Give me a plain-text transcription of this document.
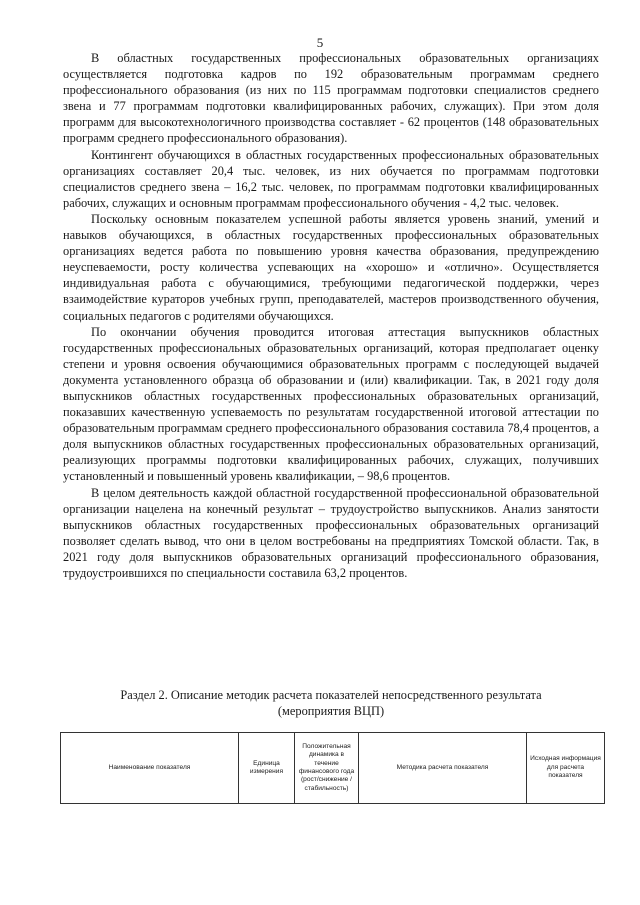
5

В областных государственных профессиональных образовательных организациях осуществляется подготовка кадров по 192 образовательным программам среднего профессионального образования (из них по 115 программам подготовки специалистов среднего звена и 77 программам подготовки квалифицированных рабочих, служащих). При этом доля программ для высокотехнологичного производства составляет - 62 процентов (148 образовательных программ среднего профессионального образования).

Контингент обучающихся в областных государственных профессиональных образовательных организациях составляет 20,4 тыс. человек, из них обучается по программам подготовки специалистов среднего звена – 16,2 тыс. человек, по программам подготовки квалифицированных рабочих, служащих и основным программам профессионального обучения - 4,2 тыс. человек.

Поскольку основным показателем успешной работы является уровень знаний, умений и навыков обучающихся, в областных государственных профессиональных образовательных организациях ведется работа по повышению уровня качества образования, предупреждению неуспеваемости, росту количества успевающих на «хорошо» и «отлично». Осуществляется индивидуальная работа с обучающимися, требующими педагогической поддержки, через взаимодействие кураторов учебных групп, преподавателей, мастеров производственного обучения, социальных педагогов с родителями обучающихся.

По окончании обучения проводится итоговая аттестация выпускников областных государственных профессиональных образовательных организаций, которая предполагает оценку степени и уровня освоения обучающимися образовательных программ с последующей выдачей документа установленного образца об образовании и (или) квалификации. Так, в 2021 году доля выпускников областных государственных профессиональных образовательных организаций, показавших качественную успеваемость по результатам государственной итоговой аттестации по образовательным программам среднего профессионального образования составила 78,4 процентов, а доля выпускников областных государственных профессиональных образовательных организаций, реализующих программы подготовки квалифицированных рабочих, служащих, получивших установленный и повышенный уровень квалификации, – 98,6 процентов.

В целом деятельность каждой областной государственной профессиональной образовательной организации нацелена на конечный результат – трудоустройство выпускников. Анализ занятости выпускников областных государственных профессиональных образовательных организаций позволяет сделать вывод, что они в целом востребованы на предприятиях Томской области. Так, в 2021 году доля выпускников образовательных организаций профессионального образования, трудоустроившихся по специальности составила 63,2 процентов.

Раздел 2. Описание методик расчета показателей непосредственного результата
(мероприятия ВЦП)
Наименование показателя	Единица измерения	Положительная динамика в течение финансового года (рост/снижение /стабильность)	Методика расчета показателя	Исходная информация для расчета показателя
